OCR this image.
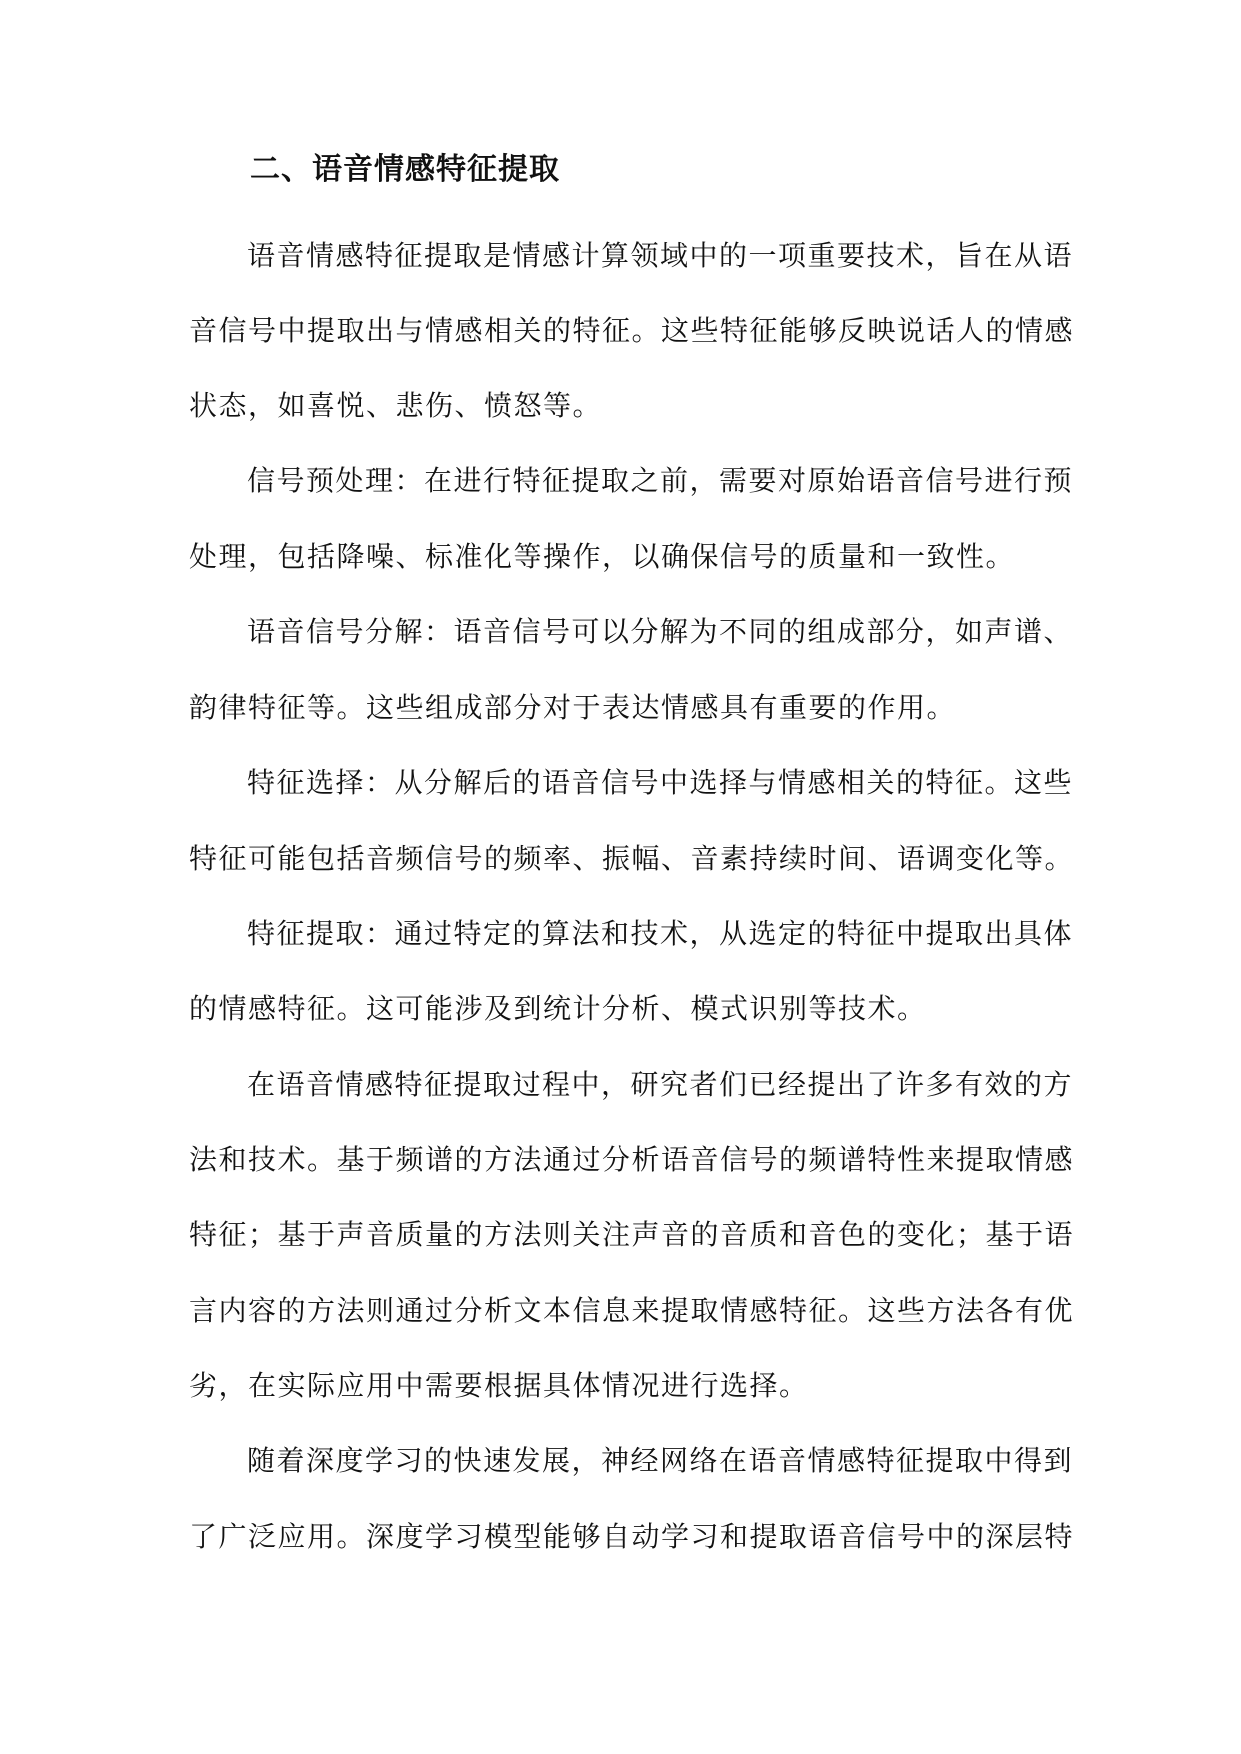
二、语音情感特征提取
语音情感特征提取是情感计算领域中的一项重要技术，旨在从语
音信号中提取出与情感相关的特征。这些特征能够反映说话人的情感
状态，如喜悦、悲伤、愤怒等。
信号预处理：在进行特征提取之前，需要对原始语音信号进行预
处理，包括降噪、标准化等操作，以确保信号的质量和一致性。
语音信号分解：语音信号可以分解为不同的组成部分，如声谱、
韵律特征等。这些组成部分对于表达情感具有重要的作用。
特征选择：从分解后的语音信号中选择与情感相关的特征。这些
特征可能包括音频信号的频率、振幅、音素持续时间、语调变化等。
特征提取：通过特定的算法和技术，从选定的特征中提取出具体
的情感特征。这可能涉及到统计分析、模式识别等技术。
在语音情感特征提取过程中，研究者们已经提出了许多有效的方
法和技术。基于频谱的方法通过分析语音信号的频谱特性来提取情感
特征；基于声音质量的方法则关注声音的音质和音色的变化；基于语
言内容的方法则通过分析文本信息来提取情感特征。这些方法各有优
劣，在实际应用中需要根据具体情况进行选择。
随着深度学习的快速发展，神经网络在语音情感特征提取中得到
了广泛应用。深度学习模型能够自动学习和提取语音信号中的深层特
